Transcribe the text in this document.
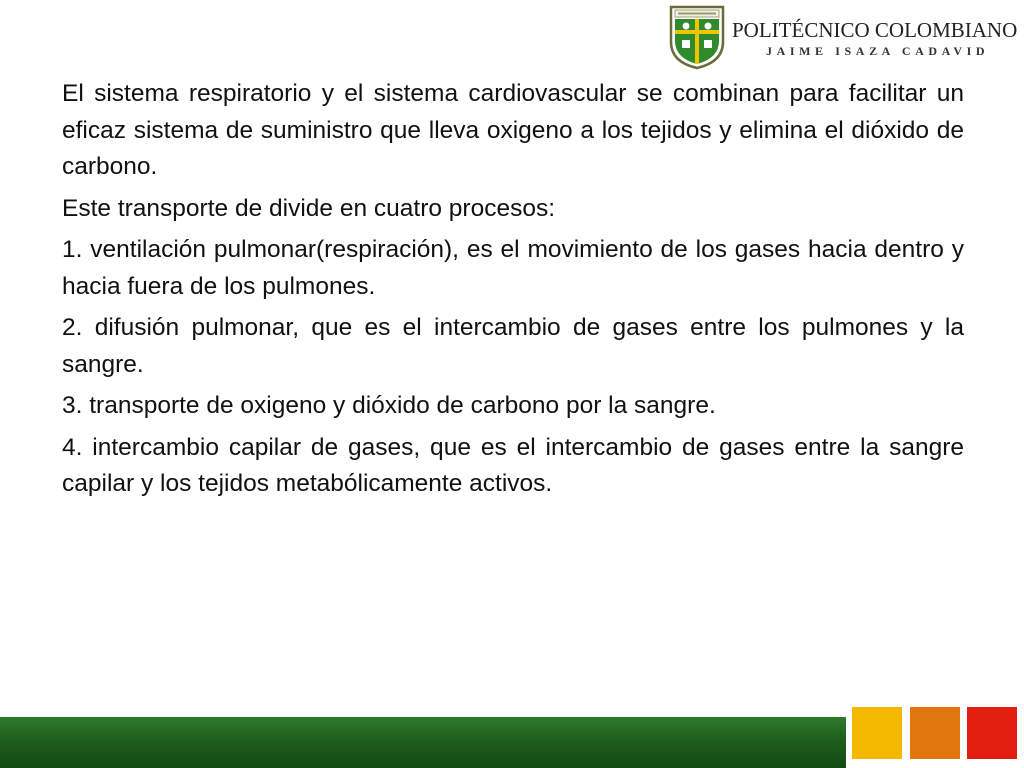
POLITÉCNICO COLOMBIANO
JAIME ISAZA CADAVID

El sistema respiratorio y el sistema cardiovascular se combinan para facilitar un eficaz sistema de suministro que lleva oxigeno a los tejidos y elimina el dióxido de carbono.

Este transporte de divide en cuatro procesos:

1. ventilación pulmonar(respiración), es el movimiento de los gases hacia dentro y hacia fuera de los pulmones.

2. difusión pulmonar, que es el intercambio de gases entre los pulmones y la sangre.

3. transporte de oxigeno y dióxido de carbono por la sangre.

4. intercambio capilar de gases, que es el intercambio de gases entre la sangre capilar y los tejidos metabólicamente activos.
